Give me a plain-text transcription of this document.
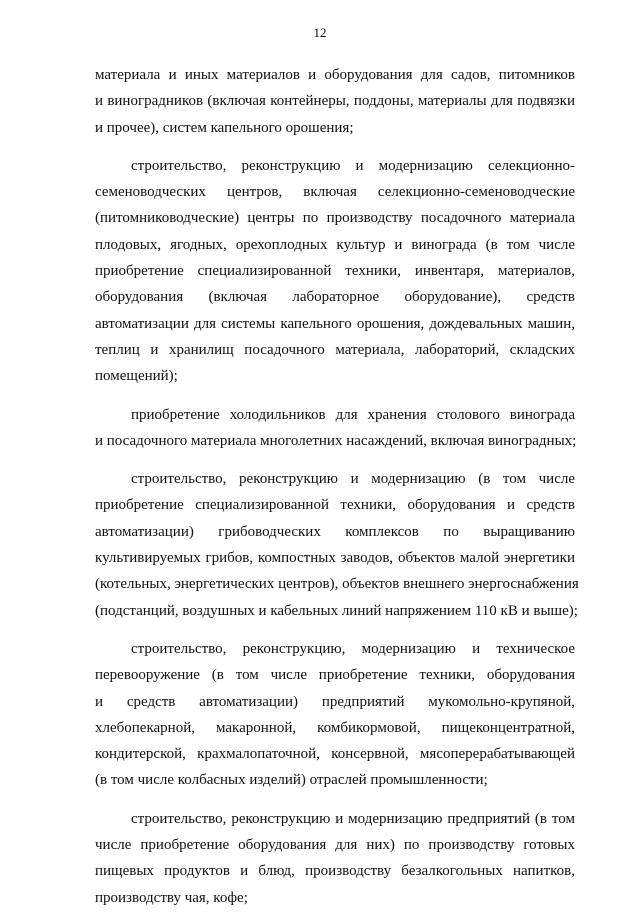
12

материала и иных материалов и оборудования для садов, питомников
и виноградников (включая контейнеры, поддоны, материалы для подвязки
и прочее), систем капельного орошения;

строительство, реконструкцию и модернизацию селекционно-
семеноводческих центров, включая селекционно-семеноводческие
(питомниководческие) центры по производству посадочного материала
плодовых, ягодных, орехоплодных культур и винограда (в том числе
приобретение специализированной техники, инвентаря, материалов,
оборудования (включая лабораторное оборудование), средств
автоматизации для системы капельного орошения, дождевальных машин,
теплиц и хранилищ посадочного материала, лабораторий, складских
помещений);

приобретение холодильников для хранения столового винограда
и посадочного материала многолетних насаждений, включая виноградных;

строительство, реконструкцию и модернизацию (в том числе
приобретение специализированной техники, оборудования и средств
автоматизации) грибоводческих комплексов по выращиванию
культивируемых грибов, компостных заводов, объектов малой энергетики
(котельных, энергетических центров), объектов внешнего энергоснабжения
(подстанций, воздушных и кабельных линий напряжением 110 кВ и выше);

строительство, реконструкцию, модернизацию и техническое
перевооружение (в том числе приобретение техники, оборудования
и средств автоматизации) предприятий мукомольно-крупяной,
хлебопекарной, макаронной, комбикормовой, пищеконцентратной,
кондитерской, крахмалопаточной, консервной, мясоперерабатывающей
(в том числе колбасных изделий) отраслей промышленности;

строительство, реконструкцию и модернизацию предприятий (в том
числе приобретение оборудования для них) по производству готовых
пищевых продуктов и блюд, производству безалкогольных напитков,
производству чая, кофе;
